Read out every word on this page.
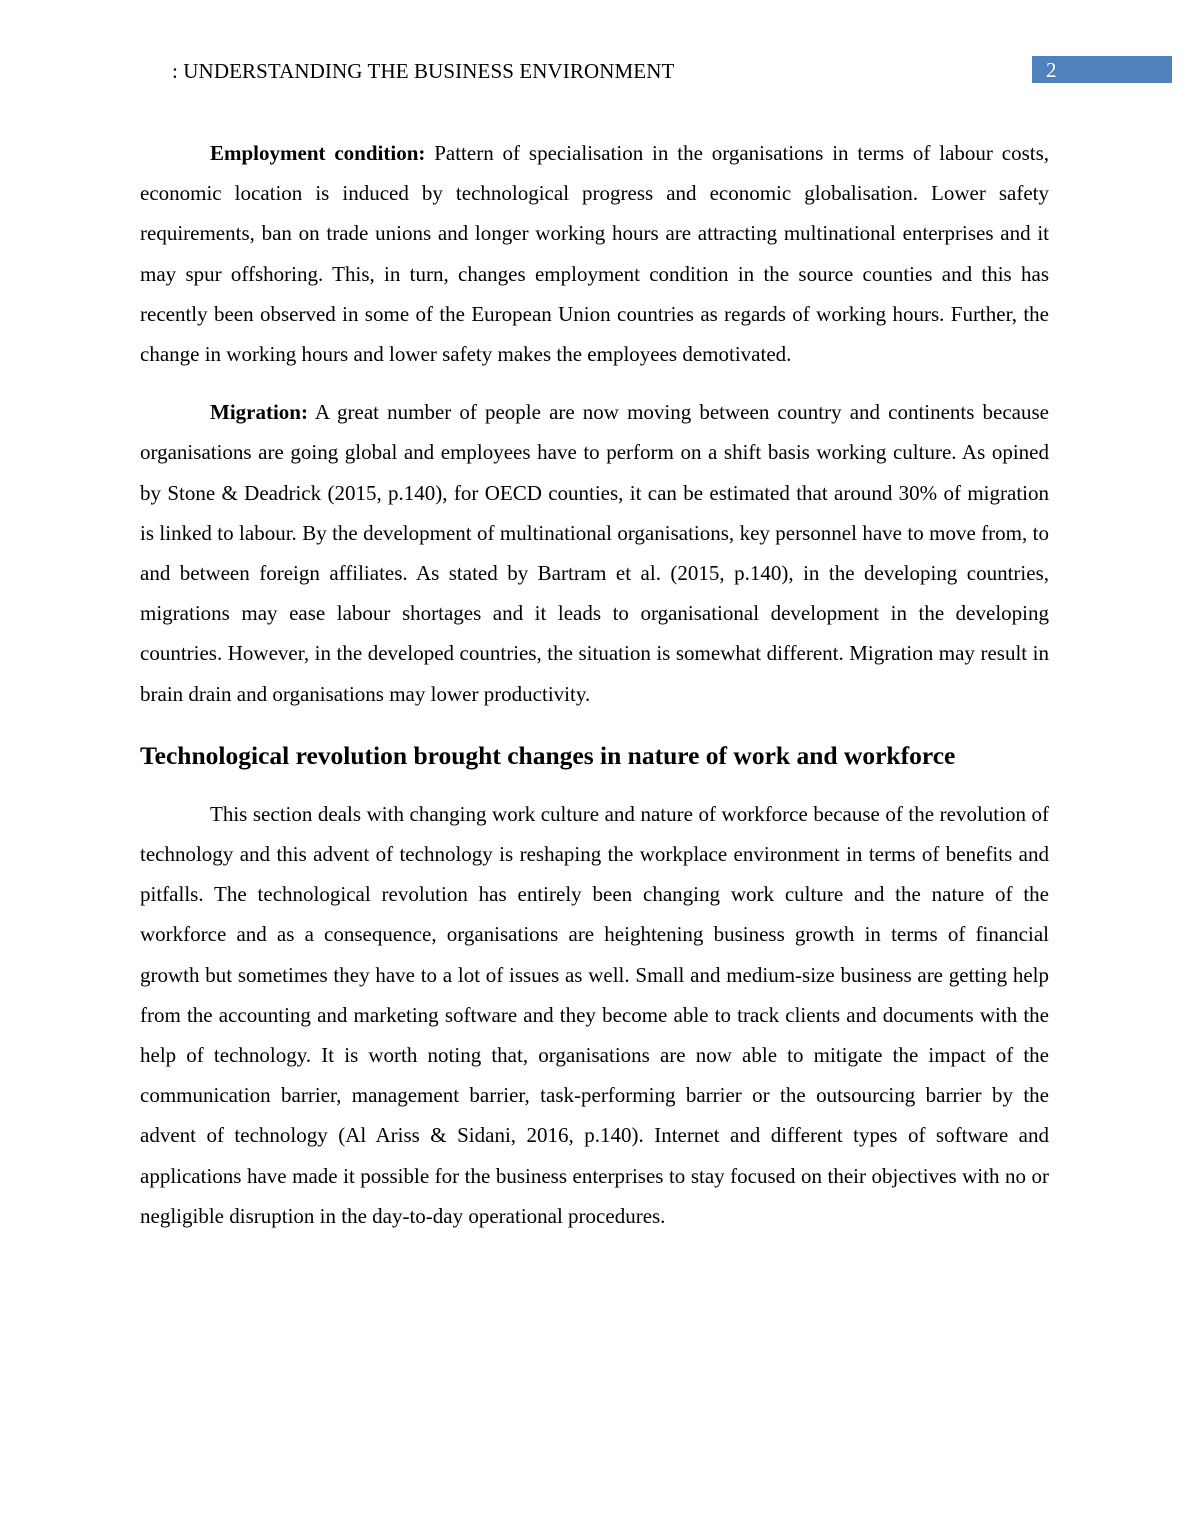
: UNDERSTANDING THE BUSINESS ENVIRONMENT	2

Employment condition: Pattern of specialisation in the organisations in terms of labour costs, economic location is induced by technological progress and economic globalisation. Lower safety requirements, ban on trade unions and longer working hours are attracting multinational enterprises and it may spur offshoring. This, in turn, changes employment condition in the source counties and this has recently been observed in some of the European Union countries as regards of working hours. Further, the change in working hours and lower safety makes the employees demotivated.

Migration: A great number of people are now moving between country and continents because organisations are going global and employees have to perform on a shift basis working culture. As opined by Stone & Deadrick (2015, p.140), for OECD counties, it can be estimated that around 30% of migration is linked to labour. By the development of multinational organisations, key personnel have to move from, to and between foreign affiliates. As stated by Bartram et al. (2015, p.140), in the developing countries, migrations may ease labour shortages and it leads to organisational development in the developing countries. However, in the developed countries, the situation is somewhat different. Migration may result in brain drain and organisations may lower productivity.

Technological revolution brought changes in nature of work and workforce

This section deals with changing work culture and nature of workforce because of the revolution of technology and this advent of technology is reshaping the workplace environment in terms of benefits and pitfalls. The technological revolution has entirely been changing work culture and the nature of the workforce and as a consequence, organisations are heightening business growth in terms of financial growth but sometimes they have to a lot of issues as well. Small and medium-size business are getting help from the accounting and marketing software and they become able to track clients and documents with the help of technology. It is worth noting that, organisations are now able to mitigate the impact of the communication barrier, management barrier, task-performing barrier or the outsourcing barrier by the advent of technology (Al Ariss & Sidani, 2016, p.140). Internet and different types of software and applications have made it possible for the business enterprises to stay focused on their objectives with no or negligible disruption in the day-to-day operational procedures.
